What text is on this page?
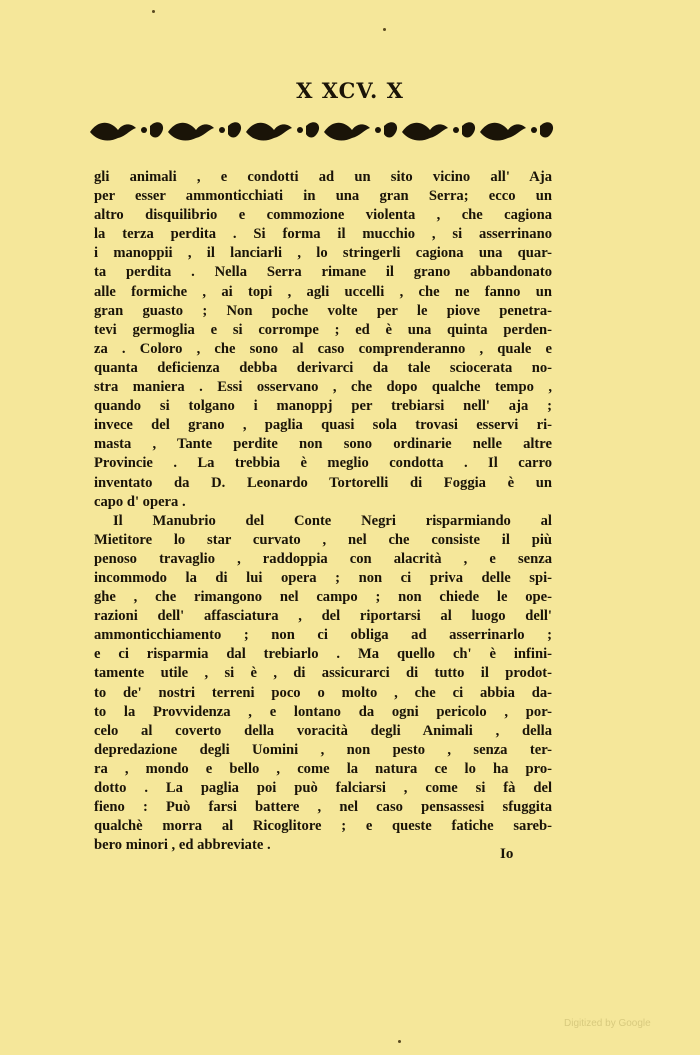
X XCV. X
gli animali , e condotti ad un sito vicino all' Aja
per esser ammonticchiati in una gran Serra; ecco un
altro disquilibrio e commozione violenta , che cagiona
la terza perdita . Si forma il mucchio , si asserrinano
i manoppii , il lanciarli , lo stringerli cagiona una quar-
ta perdita . Nella Serra rimane il grano abbandonato
alle formiche , ai topi , agli uccelli , che ne fanno un
gran guasto ; Non poche volte per le piove penetra-
tevi germoglia e si corrompe ; ed è una quinta perden-
za . Coloro , che sono al caso comprenderanno , quale e
quanta deficienza debba derivarci da tale sciocerata no-
stra maniera . Essi osservano , che dopo qualche tempo ,
quando si tolgano i manoppj per trebiarsi nell' aja ;
invece del grano , paglia quasi sola trovasi esservi ri-
masta , Tante perdite non sono ordinarie nelle altre
Provincie . La trebbia è meglio condotta . Il carro
inventato da D. Leonardo Tortorelli di Foggia è un
capo d' opera .
Il Manubrio del Conte Negri risparmiando al
Mietitore lo star curvato , nel che consiste il più
penoso travaglio , raddoppia con alacrità , e senza
incommodo la di lui opera ; non ci priva delle spi-
ghe , che rimangono nel campo ; non chiede le ope-
razioni dell' affasciatura , del riportarsi al luogo dell'
ammonticchiamento ; non ci obliga ad asserrinarlo ;
e ci risparmia dal trebiarlo . Ma quello ch' è infini-
tamente utile , si è , di assicurarci di tutto il prodot-
to de' nostri terreni poco o molto , che ci abbia da-
to la Provvidenza , e lontano da ogni pericolo , por-
celo al coverto della voracità degli Animali , della
depredazione degli Uomini , non pesto , senza ter-
ra , mondo e bello , come la natura ce lo ha pro-
dotto . La paglia poi può falciarsi , come si fà del
fieno : Può farsi battere , nel caso pensassesi sfuggita
qualchè morra al Ricoglitore ; e queste fatiche sareb-
bero minori , ed abbreviate .
Io
Digitized by Google
